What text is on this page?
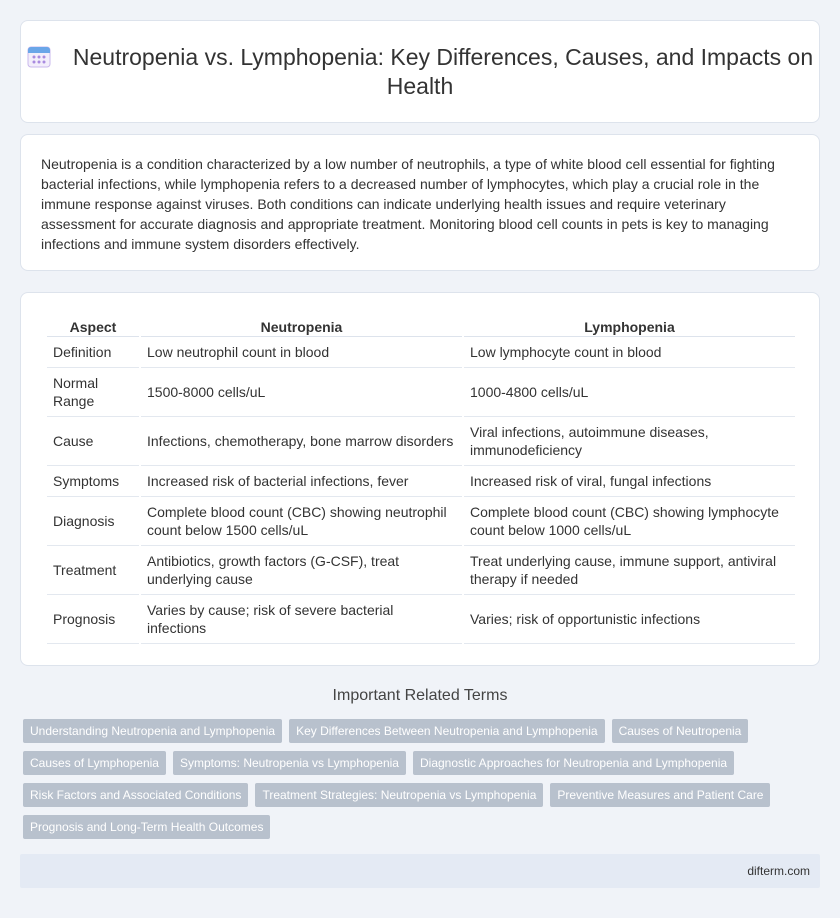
Neutropenia vs. Lymphopenia: Key Differences, Causes, and Impacts on Health

Neutropenia is a condition characterized by a low number of neutrophils, a type of white blood cell essential for fighting bacterial infections, while lymphopenia refers to a decreased number of lymphocytes, which play a crucial role in the immune response against viruses. Both conditions can indicate underlying health issues and require veterinary assessment for accurate diagnosis and appropriate treatment. Monitoring blood cell counts in pets is key to managing infections and immune system disorders effectively.

Aspect	Neutropenia	Lymphopenia
Definition	Low neutrophil count in blood	Low lymphocyte count in blood
Normal Range	1500-8000 cells/uL	1000-4800 cells/uL
Cause	Infections, chemotherapy, bone marrow disorders	Viral infections, autoimmune diseases, immunodeficiency
Symptoms	Increased risk of bacterial infections, fever	Increased risk of viral, fungal infections
Diagnosis	Complete blood count (CBC) showing neutrophil count below 1500 cells/uL	Complete blood count (CBC) showing lymphocyte count below 1000 cells/uL
Treatment	Antibiotics, growth factors (G-CSF), treat underlying cause	Treat underlying cause, immune support, antiviral therapy if needed
Prognosis	Varies by cause; risk of severe bacterial infections	Varies; risk of opportunistic infections
Important Related Terms
Understanding Neutropenia and Lymphopenia	Key Differences Between Neutropenia and Lymphopenia	Causes of Neutropenia
Causes of Lymphopenia	Symptoms: Neutropenia vs Lymphopenia	Diagnostic Approaches for Neutropenia and Lymphopenia
Risk Factors and Associated Conditions	Treatment Strategies: Neutropenia vs Lymphopenia	Preventive Measures and Patient Care
Prognosis and Long-Term Health Outcomes
difterm.com
